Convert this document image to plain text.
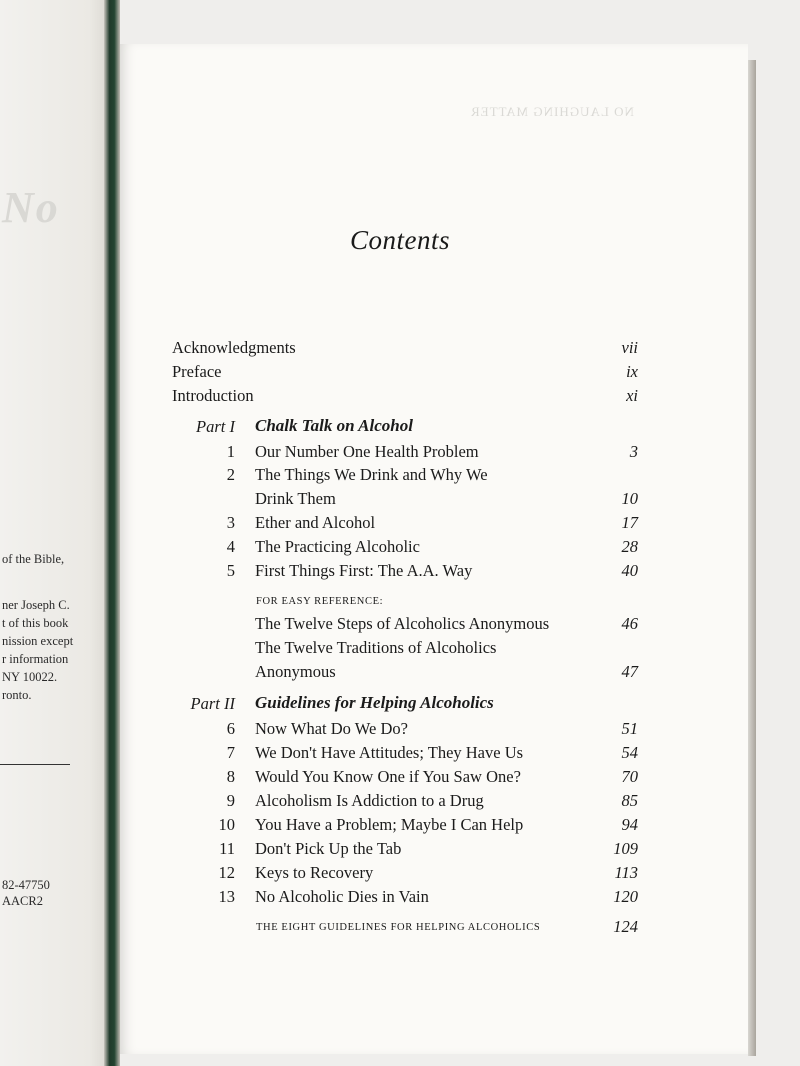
No
of the Bible,
ner Joseph C.
t of this book
nission except
r information
NY 10022.
ronto.
82-47750
AACR2
NO LAUGHING MATTER
Contents
Acknowledgments	vii
Preface	ix
Introduction	xi
Part I Chalk Talk on Alcohol
1 Our Number One Health Problem	3
2 The Things We Drink and Why We
Drink Them	10
3 Ether and Alcohol	17
4 The Practicing Alcoholic	28
5 First Things First: The A.A. Way	40
FOR EASY REFERENCE:
The Twelve Steps of Alcoholics Anonymous	46
The Twelve Traditions of Alcoholics
Anonymous	47
Part II Guidelines for Helping Alcoholics
6 Now What Do We Do?	51
7 We Don't Have Attitudes; They Have Us	54
8 Would You Know One if You Saw One?	70
9 Alcoholism Is Addiction to a Drug	85
10 You Have a Problem; Maybe I Can Help	94
11 Don't Pick Up the Tab	109
12 Keys to Recovery	113
13 No Alcoholic Dies in Vain	120
THE EIGHT GUIDELINES FOR HELPING ALCOHOLICS	124
